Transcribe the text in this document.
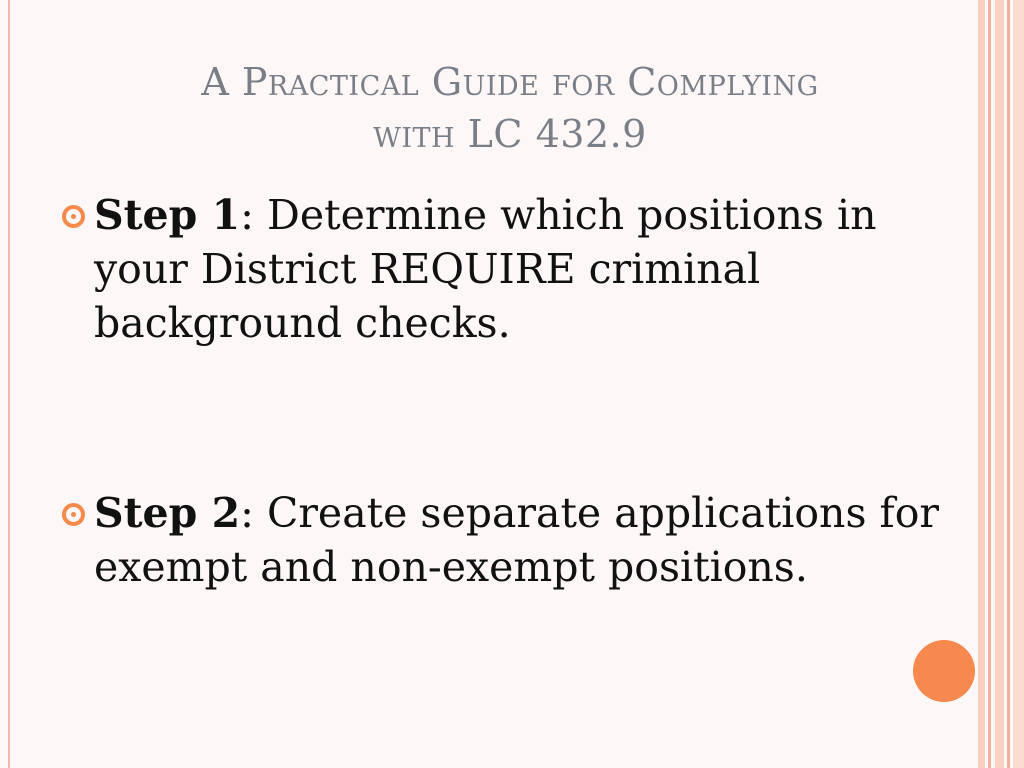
A Practical Guide for Complying
with LC 432.9
Step 1: Determine which positions in your District REQUIRE criminal background checks.
Step 2: Create separate applications for exempt and non-exempt positions.
